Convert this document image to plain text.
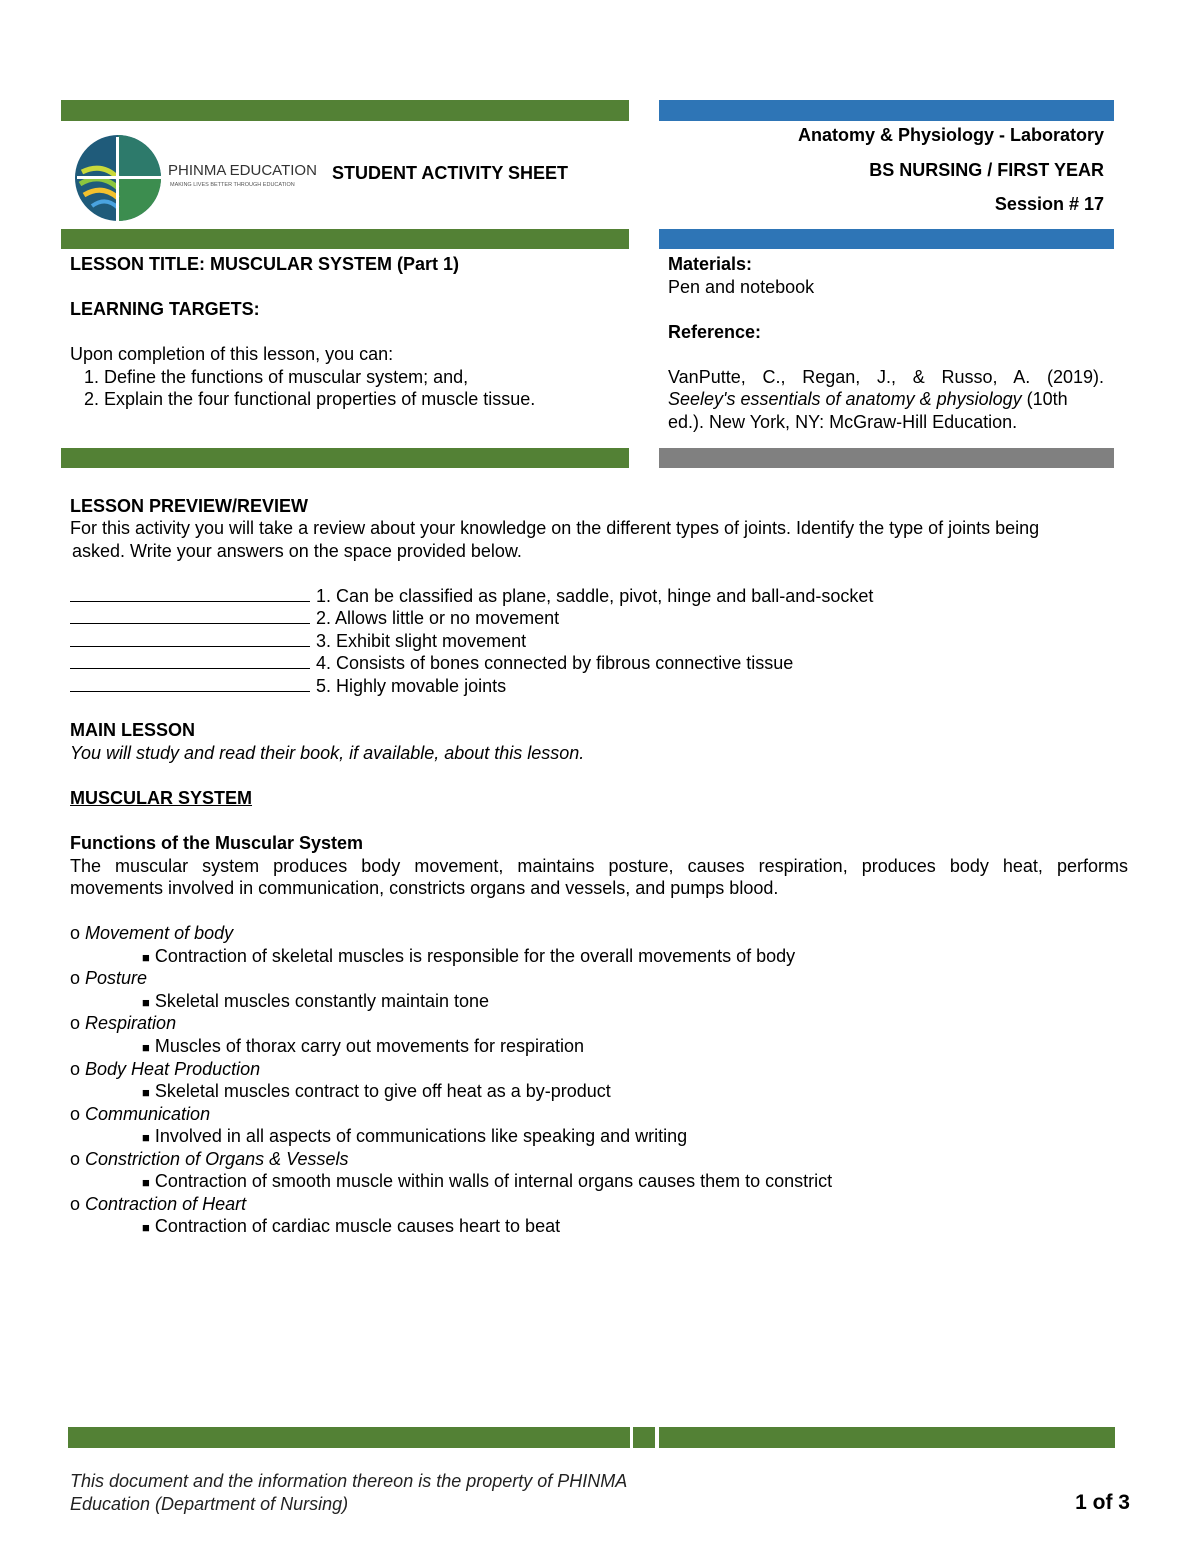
PHINMA EDUCATION
MAKING LIVES BETTER THROUGH EDUCATION
STUDENT ACTIVITY SHEET
Anatomy & Physiology - Laboratory
BS NURSING / FIRST YEAR
Session # 17
LESSON TITLE: MUSCULAR SYSTEM (Part 1)
LEARNING TARGETS:
Upon completion of this lesson, you can:
1. Define the functions of muscular system; and,
2. Explain the four functional properties of muscle tissue.
Materials:
Pen and notebook
Reference:
VanPutte, C., Regan, J., & Russo, A. (2019).
Seeley's essentials of anatomy & physiology (10th
ed.). New York, NY: McGraw-Hill Education.
LESSON PREVIEW/REVIEW
For this activity you will take a review about your knowledge on the different types of joints. Identify the type of joints being
asked. Write your answers on the space provided below.
1. Can be classified as plane, saddle, pivot, hinge and ball-and-socket
2. Allows little or no movement
3. Exhibit slight movement
4. Consists of bones connected by fibrous connective tissue
5. Highly movable joints
MAIN LESSON
You will study and read their book, if available, about this lesson.
MUSCULAR SYSTEM
Functions of the Muscular System
The muscular system produces body movement, maintains posture, causes respiration, produces body heat, performs
movements involved in communication, constricts organs and vessels, and pumps blood.
o Movement of body
■ Contraction of skeletal muscles is responsible for the overall movements of body
o Posture
■ Skeletal muscles constantly maintain tone
o Respiration
■ Muscles of thorax carry out movements for respiration
o Body Heat Production
■ Skeletal muscles contract to give off heat as a by-product
o Communication
■ Involved in all aspects of communications like speaking and writing
o Constriction of Organs & Vessels
■ Contraction of smooth muscle within walls of internal organs causes them to constrict
o Contraction of Heart
■ Contraction of cardiac muscle causes heart to beat
This document and the information thereon is the property of PHINMA
Education (Department of Nursing)	1 of 3
